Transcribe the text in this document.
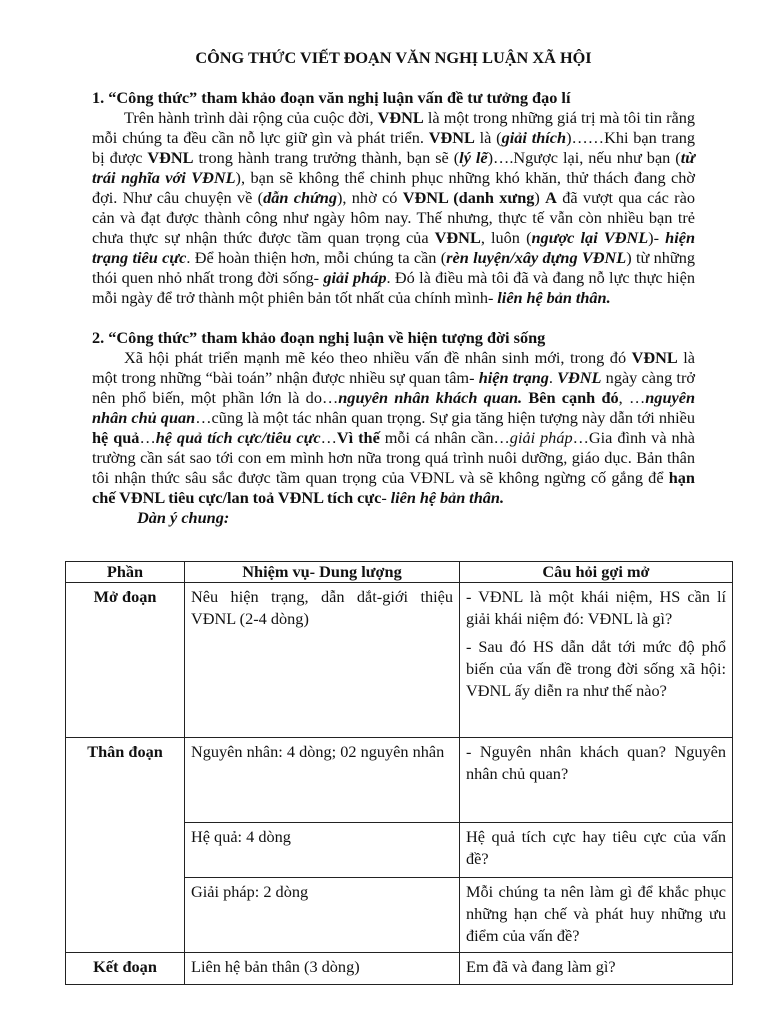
CÔNG THỨC VIẾT ĐOẠN VĂN NGHỊ LUẬN XÃ HỘI

1. “Công thức” tham khảo đoạn văn nghị luận vấn đề tư tưởng đạo lí

Trên hành trình dài rộng của cuộc đời, VĐNL là một trong những giá trị mà tôi tin rằng mỗi chúng ta đều cần nỗ lực giữ gìn và phát triển. VĐNL là (giải thích)……Khi bạn trang bị được VĐNL trong hành trang trưởng thành, bạn sẽ (lý lẽ)….Ngược lại, nếu như bạn (từ trái nghĩa với VĐNL), bạn sẽ không thể chinh phục những khó khăn, thử thách đang chờ đợi. Như câu chuyện về (dẫn chứng), nhờ có VĐNL (danh xưng) A đã vượt qua các rào cản và đạt được thành công như ngày hôm nay. Thế nhưng, thực tế vẫn còn nhiều bạn trẻ chưa thực sự nhận thức được tầm quan trọng của VĐNL, luôn (ngược lại VĐNL)- hiện trạng tiêu cực. Để hoàn thiện hơn, mỗi chúng ta cần (rèn luyện/xây dựng VĐNL) từ những thói quen nhỏ nhất trong đời sống- giải pháp. Đó là điều mà tôi đã và đang nỗ lực thực hiện mỗi ngày để trở thành một phiên bản tốt nhất của chính mình- liên hệ bản thân.

2. “Công thức” tham khảo đoạn nghị luận về hiện tượng đời sống

Xã hội phát triển mạnh mẽ kéo theo nhiều vấn đề nhân sinh mới, trong đó VĐNL là một trong những “bài toán” nhận được nhiều sự quan tâm- hiện trạng. VĐNL ngày càng trở nên phổ biến, một phần lớn là do…nguyên nhân khách quan. Bên cạnh đó, …nguyên nhân chủ quan…cũng là một tác nhân quan trọng. Sự gia tăng hiện tượng này dẫn tới nhiều hệ quả…hệ quả tích cực/tiêu cực…Vì thế mỗi cá nhân cần…giải pháp…Gia đình và nhà trường cần sát sao tới con em mình hơn nữa trong quá trình nuôi dưỡng, giáo dục. Bản thân tôi nhận thức sâu sắc được tầm quan trọng của VĐNL và sẽ không ngừng cố gắng để hạn chế VĐNL tiêu cực/lan toả VĐNL tích cực- liên hệ bản thân.

Dàn ý chung:

Phần	Nhiệm vụ- Dung lượng	Câu hỏi gợi mở
Mở đoạn	Nêu hiện trạng, dẫn dắt-giới thiệu VĐNL (2-4 dòng)	- VĐNL là một khái niệm, HS cần lí giải khái niệm đó: VĐNL là gì?

- Sau đó HS dẫn dắt tới mức độ phổ biến của vấn đề trong đời sống xã hội: VĐNL ấy diễn ra như thế nào?

Thân đoạn	Nguyên nhân: 4 dòng; 02 nguyên nhân	- Nguyên nhân khách quan? Nguyên nhân chủ quan?
	Hệ quả: 4 dòng	Hệ quả tích cực hay tiêu cực của vấn đề?
	Giải pháp: 2 dòng	Mỗi chúng ta nên làm gì để khắc phục những hạn chế và phát huy những ưu điểm của vấn đề?
Kết đoạn	Liên hệ bản thân (3 dòng)	Em đã và đang làm gì?
